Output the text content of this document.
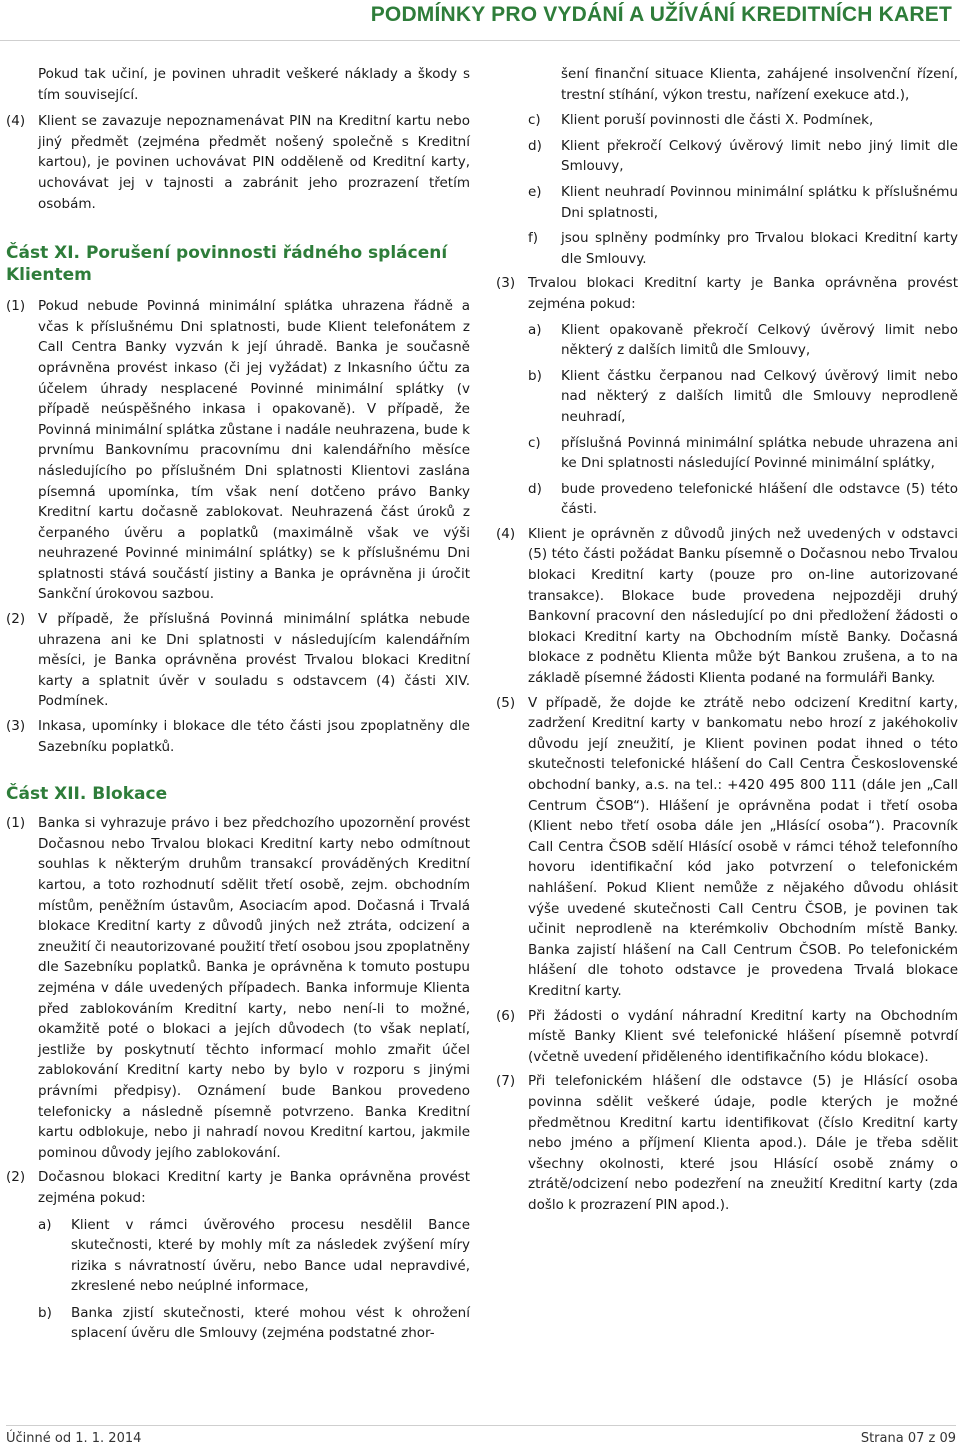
PODMÍNKY PRO VYDÁNÍ A UŽÍVÁNÍ KREDITNÍCH KARET

Pokud tak učiní, je povinen uhradit veškeré náklady a škody s tím související.

(4) Klient se zavazuje nepoznamenávat PIN na Kreditní kartu nebo jiný předmět (zejména předmět nošený společně s Kreditní kartou), je povinen uchovávat PIN odděleně od Kreditní karty, uchovávat jej v tajnosti a zabránit jeho prozrazení třetím osobám.

Část XI. Porušení povinnosti řádného splácení Klientem
(1) Pokud nebude Povinná minimální splátka uhrazena řádně a včas k příslušnému Dni splatnosti, bude Klient telefonátem z Call Centra Banky vyzván k její úhradě. Banka je současně oprávněna provést inkaso (či jej vyžádat) z Inkasního účtu za účelem úhrady nesplacené Povinné minimální splátky (v případě neúspěšného inkasa i opakovaně). V případě, že Povinná minimální splátka zůstane i nadále neuhrazena, bude k prvnímu Bankovnímu pracovnímu dni kalendářního měsíce následujícího po příslušném Dni splatnosti Klientovi zaslána písemná upomínka, tím však není dotčeno právo Banky Kreditní kartu dočasně zablokovat. Neuhrazená část úroků z čerpaného úvěru a poplatků (maximálně však ve výši neuhrazené Povinné minimální splátky) se k příslušnému Dni splatnosti stává součástí jistiny a Banka je oprávněna ji úročit Sankční úrokovou sazbou.

(2) V případě, že příslušná Povinná minimální splátka nebude uhrazena ani ke Dni splatnosti v následujícím kalendářním měsíci, je Banka oprávněna provést Trvalou blokaci Kreditní karty a splatnit úvěr v souladu s odstavcem (4) části XIV. Podmínek.

(3) Inkasa, upomínky i blokace dle této části jsou zpoplatněny dle Sazebníku poplatků.

Část XII. Blokace
(1) Banka si vyhrazuje právo i bez předchozího upozornění provést Dočasnou nebo Trvalou blokaci Kreditní karty nebo odmítnout souhlas k některým druhům transakcí prováděných Kreditní kartou, a toto rozhodnutí sdělit třetí osobě, zejm. obchodním místům, peněžním ústavům, Asociacím apod. Dočasná i Trvalá blokace Kreditní karty z důvodů jiných než ztráta, odcizení a zneužití či neautorizované použití třetí osobou jsou zpoplatněny dle Sazebníku poplatků. Banka je oprávněna k tomuto postupu zejména v dále uvedených případech. Banka informuje Klienta před zablokováním Kreditní karty, nebo není-li to možné, okamžitě poté o blokaci a jejích důvodech (to však neplatí, jestliže by poskytnutí těchto informací mohlo zmařit účel zablokování Kreditní karty nebo by bylo v rozporu s jinými právními předpisy). Oznámení bude Bankou provedeno telefonicky a následně písemně potvrzeno. Banka Kreditní kartu odblokuje, nebo ji nahradí novou Kreditní kartou, jakmile pominou důvody jejího zablokování.

(2) Dočasnou blokaci Kreditní karty je Banka oprávněna provést zejména pokud:

a)	Klient v rámci úvěrového procesu nesdělil Bance skutečnosti, které by mohly mít za následek zvýšení míry rizika s návratností úvěru, nebo Bance udal nepravdivé, zkreslené nebo neúplné informace,

b)	Banka zjistí skutečnosti, které mohou vést k ohrožení splacení úvěru dle Smlouvy (zejména podstatné zhor-

šení finanční situace Klienta, zahájené insolvenční řízení, trestní stíhání, výkon trestu, nařízení exekuce atd.),

c)	Klient poruší povinnosti dle části X. Podmínek,

d)	Klient překročí Celkový úvěrový limit nebo jiný limit dle Smlouvy,

e)	Klient neuhradí Povinnou minimální splátku k příslušnému Dni splatnosti,

f)	jsou splněny podmínky pro Trvalou blokaci Kreditní karty dle Smlouvy.

(3) Trvalou blokaci Kreditní karty je Banka oprávněna provést zejména pokud:

a)	Klient opakovaně překročí Celkový úvěrový limit nebo některý z dalších limitů dle Smlouvy,

b)	Klient částku čerpanou nad Celkový úvěrový limit nebo nad některý z dalších limitů dle Smlouvy neprodleně neuhradí,

c)	příslušná Povinná minimální splátka nebude uhrazena ani ke Dni splatnosti následující Povinné minimální splátky,

d)	bude provedeno telefonické hlášení dle odstavce (5) této části.

(4) Klient je oprávněn z důvodů jiných než uvedených v odstavci (5) této části požádat Banku písemně o Dočasnou nebo Trvalou blokaci Kreditní karty (pouze pro on-line autorizované transakce). Blokace bude provedena nejpozději druhý Bankovní pracovní den následující po dni předložení žádosti o blokaci Kreditní karty na Obchodním místě Banky. Dočasná blokace z podnětu Klienta může být Bankou zrušena, a to na základě písemné žádosti Klienta podané na formuláři Banky.

(5) V případě, že dojde ke ztrátě nebo odcizení Kreditní karty, zadržení Kreditní karty v bankomatu nebo hrozí z jakéhokoliv důvodu její zneužití, je Klient povinen podat ihned o této skutečnosti telefonické hlášení do Call Centra Československé obchodní banky, a.s. na tel.: +420 495 800 111 (dále jen „Call Centrum ČSOB“). Hlášení je oprávněna podat i třetí osoba (Klient nebo třetí osoba dále jen „Hlásící osoba“). Pracovník Call Centra ČSOB sdělí Hlásící osobě v rámci téhož telefonního hovoru identifikační kód jako potvrzení o telefonickém nahlášení. Pokud Klient nemůže z nějakého důvodu ohlásit výše uvedené skutečnosti Call Centru ČSOB, je povinen tak učinit neprodleně na kterémkoliv Obchodním místě Banky. Banka zajistí hlášení na Call Centrum ČSOB. Po telefonickém hlášení dle tohoto odstavce je provedena Trvalá blokace Kreditní karty.

(6) Při žádosti o vydání náhradní Kreditní karty na Obchodním místě Banky Klient své telefonické hlášení písemně potvrdí (včetně uvedení přiděleného identifikačního kódu blokace).

(7) Při telefonickém hlášení dle odstavce (5) je Hlásící osoba povinna sdělit veškeré údaje, podle kterých je možné předmětnou Kreditní kartu identifikovat (číslo Kreditní karty nebo jméno a příjmení Klienta apod.). Dále je třeba sdělit všechny okolnosti, které jsou Hlásící osobě známy o ztrátě/odcizení nebo podezření na zneužití Kreditní karty (zda došlo k prozrazení PIN apod.).

Účinné od 1. 1. 2014	Strana 07 z 09
